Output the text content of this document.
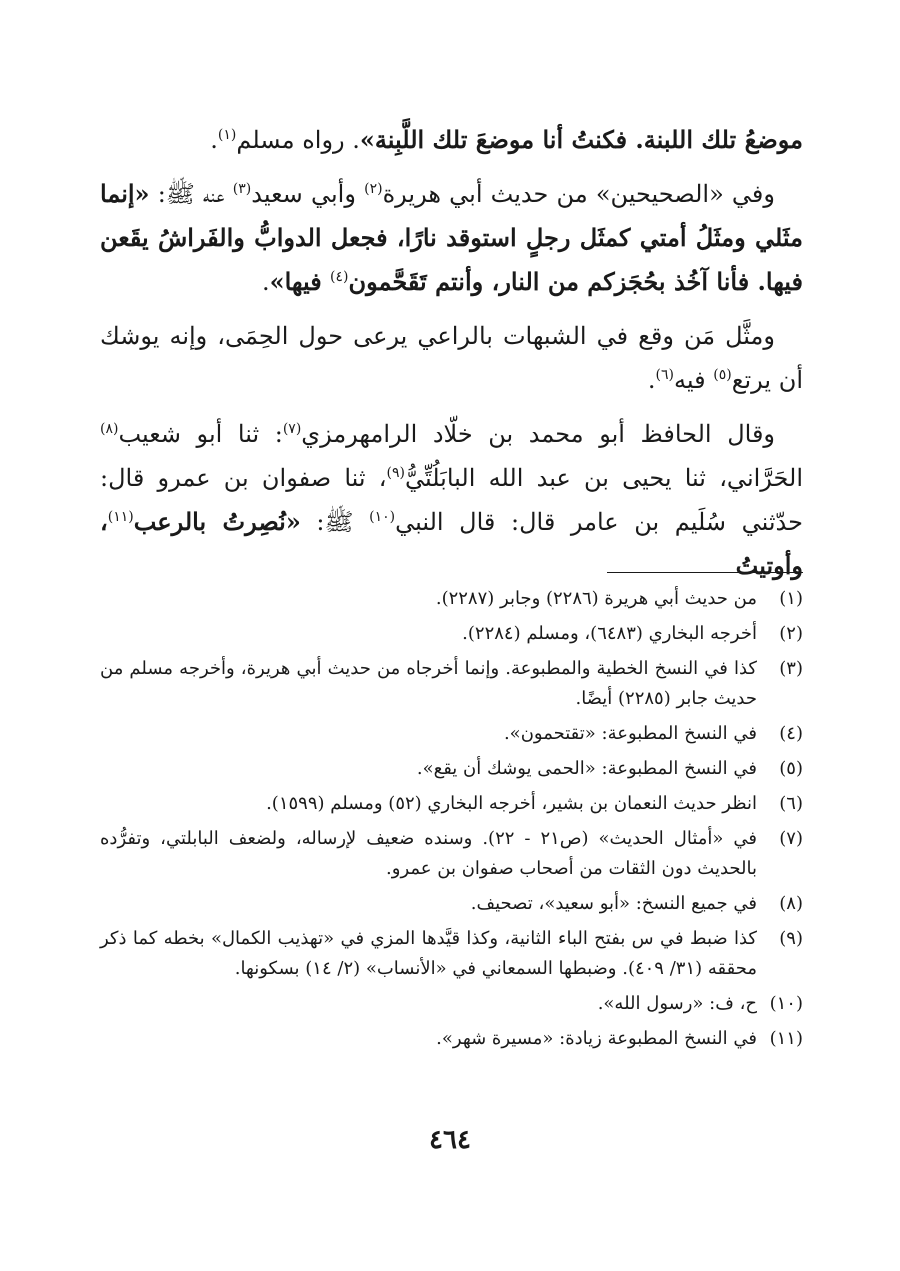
موضعُ تلك اللبنة. فكنتُ أنا موضعَ تلك اللَّبِنة». رواه مسلم$^{(١)}$.

وفي «الصحيحين» من حديث أبي هريرة$^{(٢)}$ وأبي سعيد$^{(٣)}$ عنه ﷺ: «إنما مثَلي ومثَلُ أمتي كمثَل رجلٍ استوقد نارًا، فجعل الدوابُّ والفَراشُ يقَعن فيها. فأنا آخُذ بحُجَزكم من النار، وأنتم تَقَحَّمون$^{(٤)}$ فيها».

ومثَّل مَن وقع في الشبهات بالراعي يرعى حول الحِمَى، وإنه يوشك أن يرتع$^{(٥)}$ فيه$^{(٦)}$.

وقال الحافظ أبو محمد بن خلّاد الرامهرمزي$^{(٧)}$: ثنا أبو شعيب$^{(٨)}$ الحَرَّاني، ثنا يحيى بن عبد الله البابَلُتِّيُّ$^{(٩)}$، ثنا صفوان بن عمرو قال: حدّثني سُلَيم بن عامر قال: قال النبي$^{(١٠)}$ ﷺ: «نُصِرتُ بالرعب$^{(١١)}$، وأوتيتُ

(١)
من حديث أبي هريرة (٢٢٨٦) وجابر (٢٢٨٧).
(٢)
أخرجه البخاري (٦٤٨٣)، ومسلم (٢٢٨٤).
(٣)
كذا في النسخ الخطية والمطبوعة. وإنما أخرجاه من حديث أبي هريرة، وأخرجه مسلم من حديث جابر (٢٢٨٥) أيضًا.
(٤)
في النسخ المطبوعة: «تقتحمون».
(٥)
في النسخ المطبوعة: «الحمى يوشك أن يقع».
(٦)
انظر حديث النعمان بن بشير، أخرجه البخاري (٥٢) ومسلم (١٥٩٩).
(٧)
في «أمثال الحديث» (ص٢١ - ٢٢). وسنده ضعيف لإرساله، ولضعف البابلتي، وتفرُّده بالحديث دون الثقات من أصحاب صفوان بن عمرو.
(٨)
في جميع النسخ: «أبو سعيد»، تصحيف.
(٩)
كذا ضبط في س بفتح الباء الثانية، وكذا قيَّدها المزي في «تهذيب الكمال» بخطه كما ذكر محققه (٣١/ ٤٠٩). وضبطها السمعاني في «الأنساب» (٢/ ١٤) بسكونها.
(١٠)
ح، ف: «رسول الله».
(١١)
في النسخ المطبوعة زيادة: «مسيرة شهر».
٤٦٤
